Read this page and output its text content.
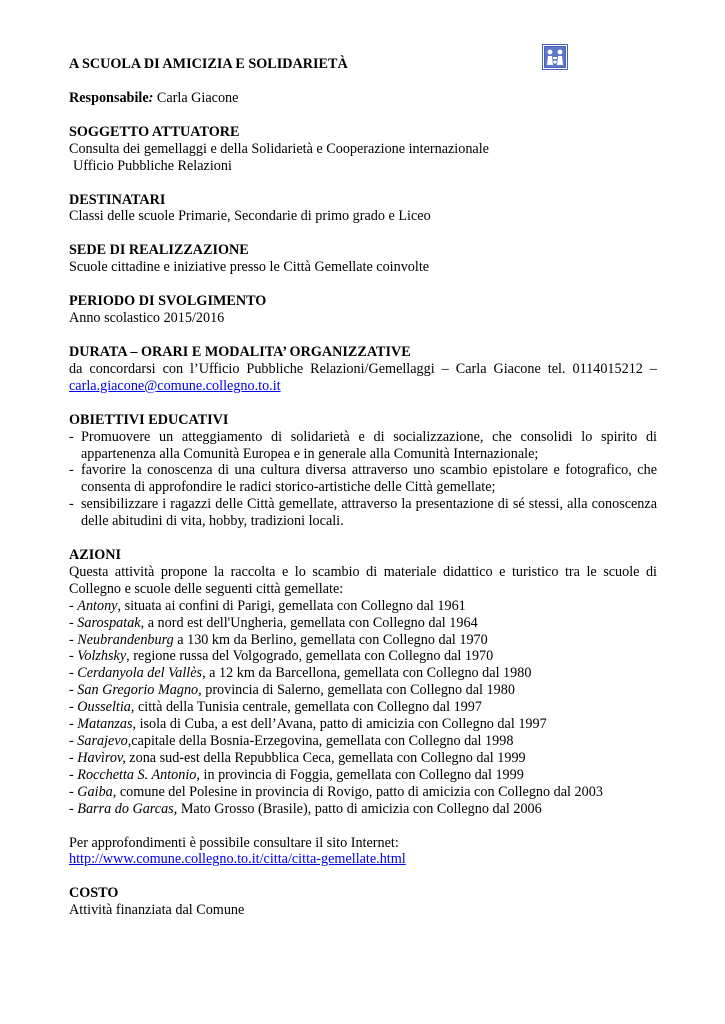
A SCUOLA DI AMICIZIA E SOLIDARIETÀ

Responsabile: Carla Giacone

SOGGETTO ATTUATORE

Consulta dei gemellaggi e della Solidarietà e Cooperazione internazionale

Ufficio Pubbliche Relazioni

DESTINATARI

Classi delle scuole Primarie, Secondarie di primo grado e Liceo

SEDE DI REALIZZAZIONE

Scuole cittadine e iniziative presso le Città Gemellate coinvolte

PERIODO DI SVOLGIMENTO

Anno scolastico 2015/2016

DURATA – ORARI E MODALITA’ ORGANIZZATIVE

da concordarsi con l’Ufficio Pubbliche Relazioni/Gemellaggi – Carla Giacone tel. 0114015212 –

carla.giacone@comune.collegno.to.it

OBIETTIVI EDUCATIVI

- Promuovere un atteggiamento di solidarietà e di socializzazione, che consolidi lo spirito di appartenenza alla Comunità Europea e in generale alla Comunità Internazionale;
- favorire la conoscenza di una cultura diversa attraverso uno scambio epistolare e fotografico, che consenta di approfondire le radici storico-artistiche delle Città gemellate;
- sensibilizzare i ragazzi delle Città gemellate, attraverso la presentazione di sé stessi, alla conoscenza delle abitudini di vita, hobby, tradizioni locali.

AZIONI

Questa attività propone la raccolta e lo scambio di materiale didattico e turistico tra le scuole di Collegno e scuole delle seguenti città gemellate:

- Antony, situata ai confini di Parigi, gemellata con Collegno dal 1961
- Sarospatak, a nord est dell'Ungheria, gemellata con Collegno dal 1964
- Neubrandenburg a 130 km da Berlino, gemellata con Collegno dal 1970
- Volzhsky, regione russa del Volgogrado, gemellata con Collegno dal 1970
- Cerdanyola del Vallès, a 12 km da Barcellona, gemellata con Collegno dal 1980
- San Gregorio Magno, provincia di Salerno, gemellata con Collegno dal 1980
- Ousseltia, città della Tunisia centrale, gemellata con Collegno dal 1997
- Matanzas, isola di Cuba, a est dell’Avana, patto di amicizia con Collegno dal 1997
- Sarajevo,capitale della Bosnia-Erzegovina, gemellata con Collegno dal 1998
- Havìrov, zona sud-est della Repubblica Ceca, gemellata con Collegno dal 1999
- Rocchetta S. Antonio, in provincia di Foggia, gemellata con Collegno dal 1999
- Gaiba, comune del Polesine in provincia di Rovigo, patto di amicizia con Collegno dal 2003
- Barra do Garcas, Mato Grosso (Brasile), patto di amicizia con Collegno dal 2006

Per approfondimenti è possibile consultare il sito Internet:

http://www.comune.collegno.to.it/citta/citta-gemellate.html

COSTO

Attività finanziata dal Comune
